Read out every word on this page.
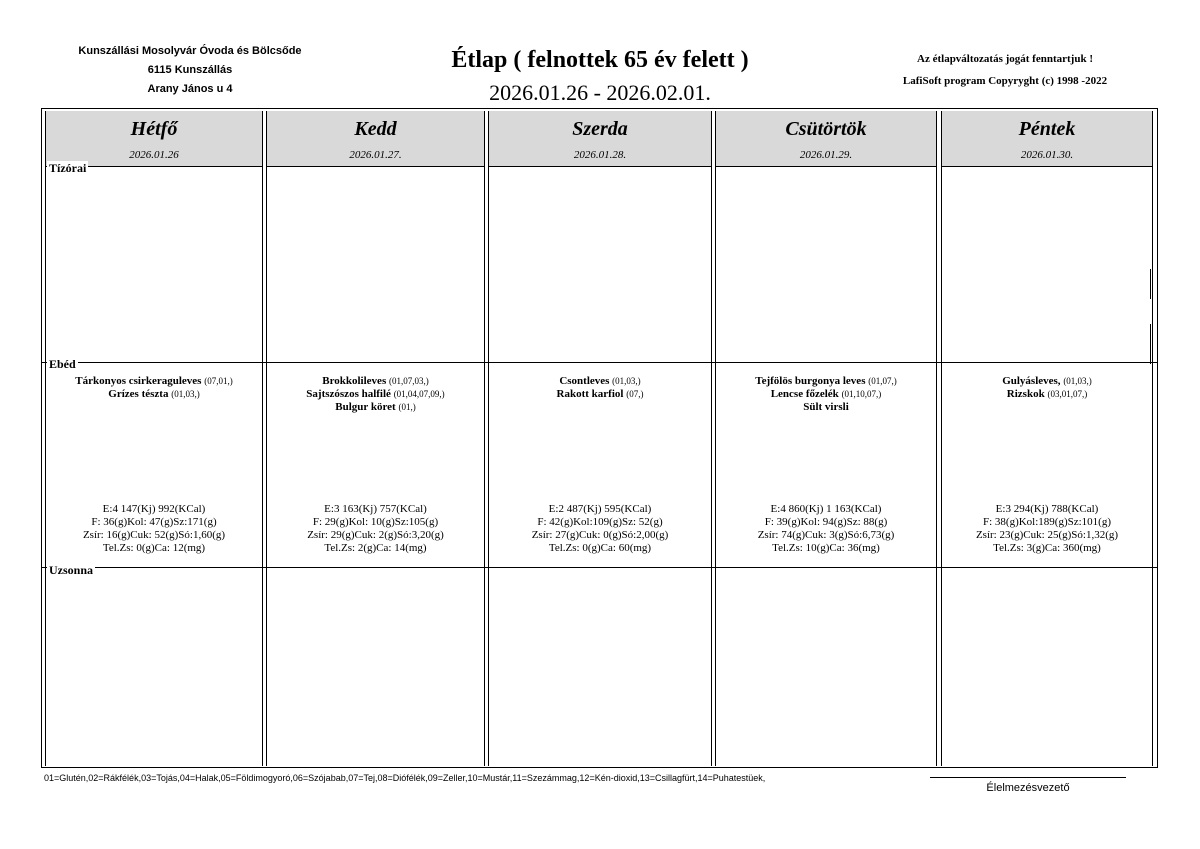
Kunszállási Mosolyvár Óvoda és Bölcsőde
6115 Kunszállás
Arany János u 4
Étlap ( felnottek 65 év felett )
2026.01.26 - 2026.02.01.
Az étlapváltozatás jogát fenntartjuk !
LafiSoft program Copyryght (c) 1998 -2022
Hétfő
2026.01.26
Kedd
2026.01.27.
Szerda
2026.01.28.
Csütörtök
2026.01.29.
Péntek
2026.01.30.
Tízórai
Ebéd
Uzsonna
Tárkonyos csirkeraguleves (07,01,)
Grízes tészta (01,03,)
E:4 147(Kj) 992(KCal)
F: 36(g)Kol: 47(g)Sz:171(g)
Zsír: 16(g)Cuk: 52(g)Só:1,60(g)
Tel.Zs: 0(g)Ca: 12(mg)
Brokkolileves (01,07,03,)
Sajtszószos halfilé (01,04,07,09,)
Bulgur köret (01,)
E:3 163(Kj) 757(KCal)
F: 29(g)Kol: 10(g)Sz:105(g)
Zsír: 29(g)Cuk: 2(g)Só:3,20(g)
Tel.Zs: 2(g)Ca: 14(mg)
Csontleves (01,03,)
Rakott karfiol (07,)
E:2 487(Kj) 595(KCal)
F: 42(g)Kol:109(g)Sz: 52(g)
Zsír: 27(g)Cuk: 0(g)Só:2,00(g)
Tel.Zs: 0(g)Ca: 60(mg)
Tejfölös burgonya leves (01,07,)
Lencse főzelék (01,10,07,)
Sült virsli
E:4 860(Kj) 1 163(KCal)
F: 39(g)Kol: 94(g)Sz: 88(g)
Zsír: 74(g)Cuk: 3(g)Só:6,73(g)
Tel.Zs: 10(g)Ca: 36(mg)
Gulyásleves, (01,03,)
Rizskok (03,01,07,)
E:3 294(Kj) 788(KCal)
F: 38(g)Kol:189(g)Sz:101(g)
Zsír: 23(g)Cuk: 25(g)Só:1,32(g)
Tel.Zs: 3(g)Ca: 360(mg)
01=Glutén,02=Rákfélék,03=Tojás,04=Halak,05=Földimogyoró,06=Szójabab,07=Tej,08=Diófélék,09=Zeller,10=Mustár,11=Szezámmag,12=Kén-dioxid,13=Csillagfürt,14=Puhatestüek,
Élelmezésvezető
